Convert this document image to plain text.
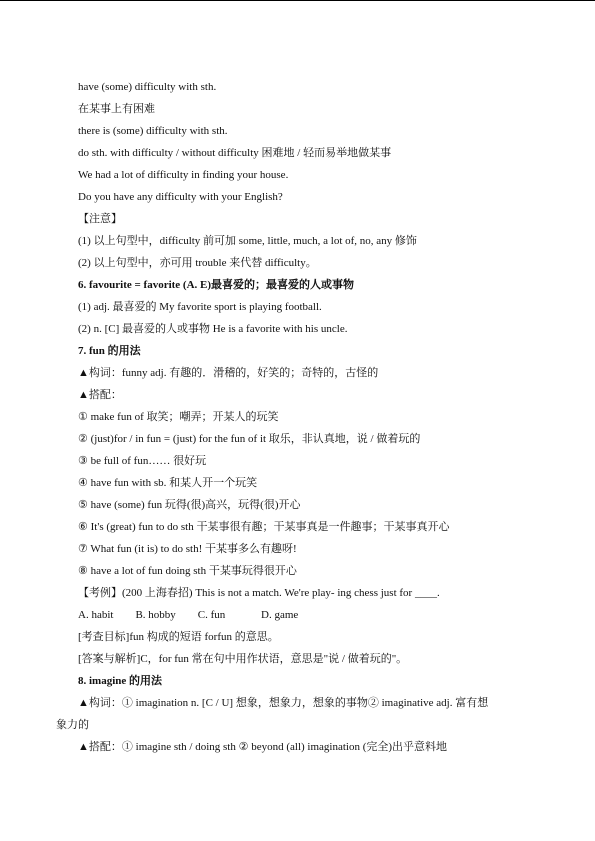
have (some) difficulty with sth.
在某事上有困难
there is (some) difficulty with sth.
do sth. with difficulty / without difficulty 困难地 / 轻而易举地做某事
We had a lot of difficulty in finding your house.
Do you have any difficulty with your English?
【注意】
(1) 以上句型中，difficulty 前可加 some, little, much, a lot of, no, any 修饰
(2) 以上句型中，亦可用 trouble 来代替 difficulty。
6. favourite = favorite (A. E)最喜爱的；最喜爱的人或事物
(1) adj. 最喜爱的 My favorite sport is playing football.
(2) n. [C] 最喜爱的人或事物 He is a favorite with his uncle.
7. fun 的用法
▲构词：funny adj. 有趣的．滑稽的，好笑的；奇特的，古怪的
▲搭配：
① make fun of 取笑；嘲弄；开某人的玩笑
② (just)for / in fun = (just) for the fun of it 取乐，非认真地，说 / 做着玩的
③ be full of fun…… 很好玩
④ have fun with sb. 和某人开一个玩笑
⑤ have (some) fun 玩得(很)高兴，玩得(很)开心
⑥ It's (great) fun to do sth 干某事很有趣；干某事真是一件趣事；干某事真开心
⑦ What fun (it is) to do sth! 干某事多么有趣呀!
⑧ have a lot of fun doing sth 干某事玩得很开心
【考例】(200 上海春招) This is not a match. We're play- ing chess just for ____.
A. habit        B. hobby        C. fun             D. game
[考查目标]fun 构成的短语 forfun 的意思。
[答案与解析]C，for fun 常在句中用作状语，意思是"说 / 做着玩的"。
8. imagine 的用法
▲构词：① imagination n. [C / U] 想象，想象力，想象的事物② imaginative adj. 富有想
象力的
▲搭配：① imagine sth / doing sth ② beyond (all) imagination (完全)出乎意料地
